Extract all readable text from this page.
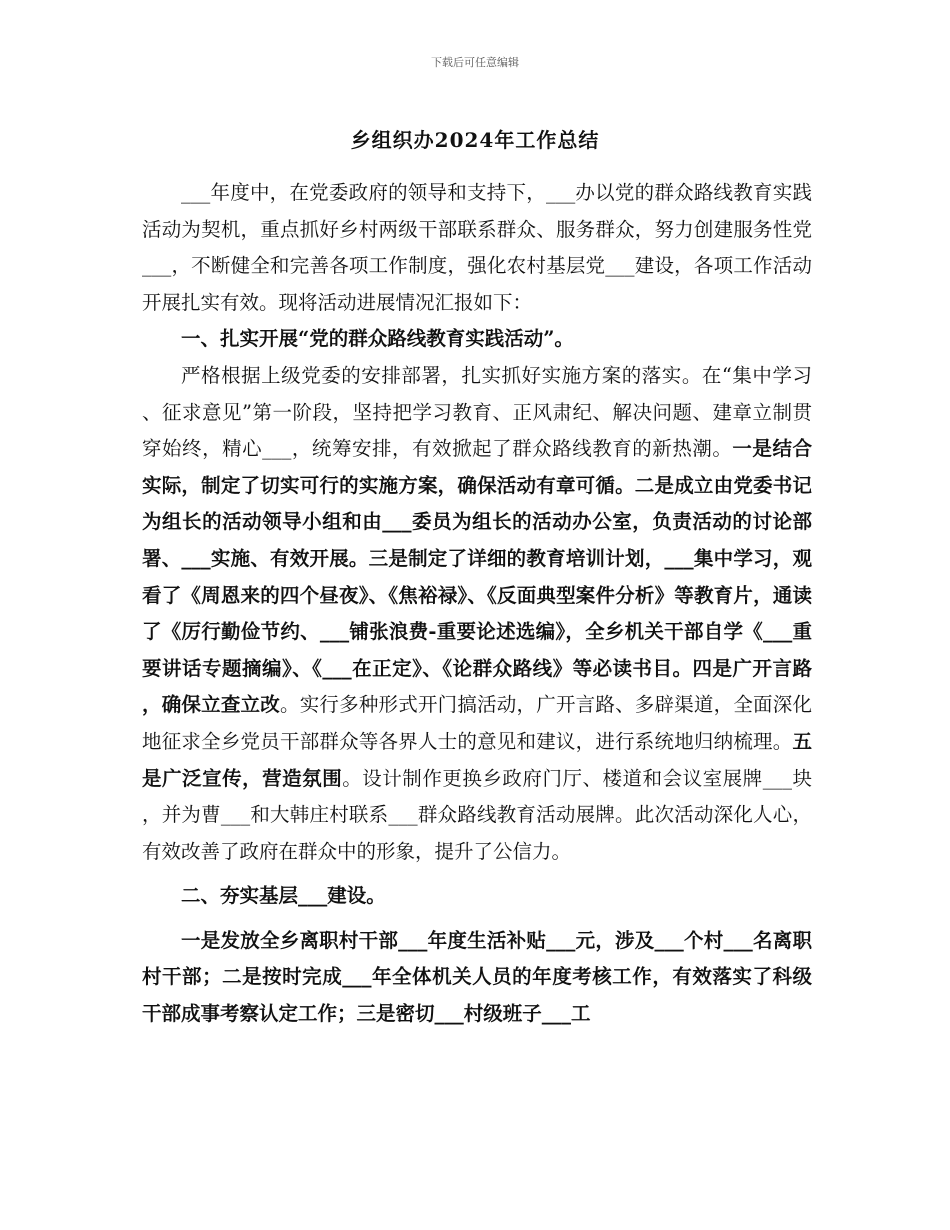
下载后可任意编辑
乡组织办2024年工作总结

___年度中，在党委政府的领导和支持下，___办以党的群众路线教育实践活动为契机，重点抓好乡村两级干部联系群众、服务群众，努力创建服务性党___，不断健全和完善各项工作制度，强化农村基层党___建设，各项工作活动开展扎实有效。现将活动进展情况汇报如下：

一、扎实开展“党的群众路线教育实践活动”。

严格根据上级党委的安排部署，扎实抓好实施方案的落实。在“集中学习、征求意见”第一阶段，坚持把学习教育、正风肃纪、解决问题、建章立制贯穿始终，精心___，统筹安排，有效掀起了群众路线教育的新热潮。一是结合实际，制定了切实可行的实施方案，确保活动有章可循。二是成立由党委书记为组长的活动领导小组和由___委员为组长的活动办公室，负责活动的讨论部署、___实施、有效开展。三是制定了详细的教育培训计划，___集中学习，观看了《周恩来的四个昼夜》、《焦裕禄》、《反面典型案件分析》等教育片，通读了《厉行勤俭节约、___铺张浪费-重要论述选编》，全乡机关干部自学《___重要讲话专题摘编》、《___在正定》、《论群众路线》等必读书目。四是广开言路，确保立查立改。实行多种形式开门搞活动，广开言路、多辟渠道，全面深化地征求全乡党员干部群众等各界人士的意见和建议，进行系统地归纳梳理。五是广泛宣传，营造氛围。设计制作更换乡政府门厅、楼道和会议室展牌___块，并为曹___和大韩庄村联系___群众路线教育活动展牌。此次活动深化人心，有效改善了政府在群众中的形象，提升了公信力。

二、夯实基层___建设。

一是发放全乡离职村干部___年度生活补贴___元，涉及___个村___名离职村干部；二是按时完成___年全体机关人员的年度考核工作，有效落实了科级干部成事考察认定工作；三是密切___村级班子___工
